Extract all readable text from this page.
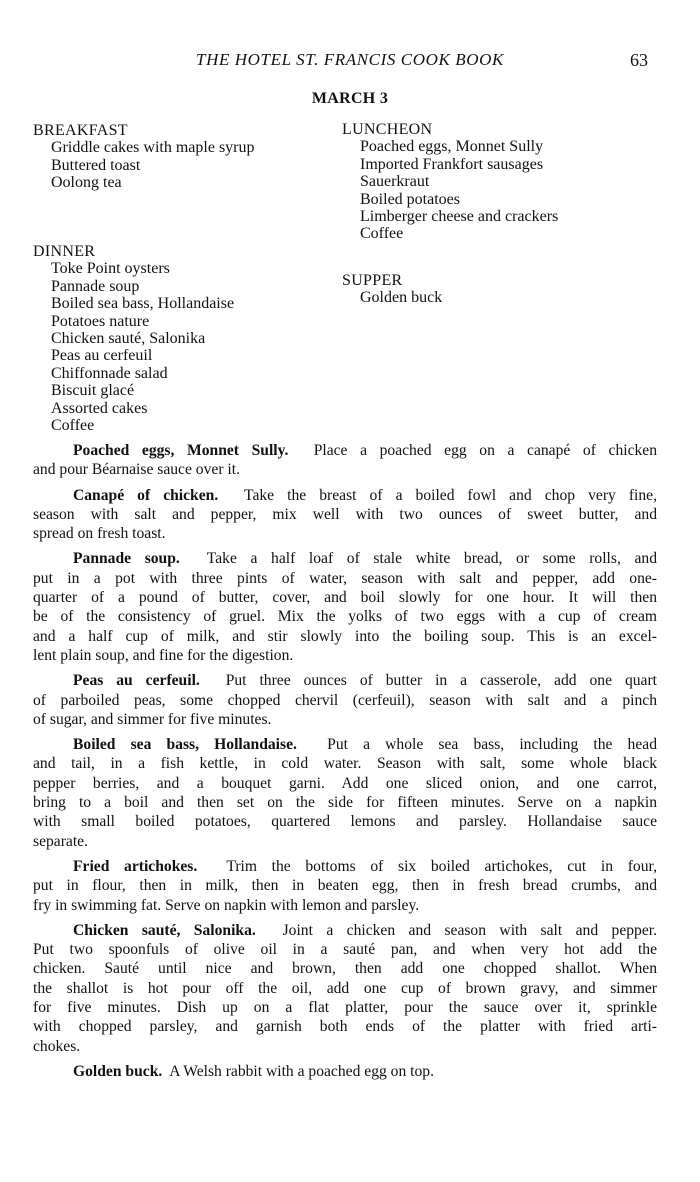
THE HOTEL ST. FRANCIS COOK BOOK	63
MARCH 3
BREAKFAST
Griddle cakes with maple syrup
Buttered toast
Oolong tea
DINNER
Toke Point oysters
Pannade soup
Boiled sea bass, Hollandaise
Potatoes nature
Chicken sauté, Salonika
Peas au cerfeuil
Chiffonnade salad
Biscuit glacé
Assorted cakes
Coffee
LUNCHEON
Poached eggs, Monnet Sully
Imported Frankfort sausages
Sauerkraut
Boiled potatoes
Limberger cheese and crackers
Coffee
SUPPER
Golden buck
Poached eggs, Monnet Sully. Place a poached egg on a canapé of chicken
and pour Béarnaise sauce over it.
Canapé of chicken. Take the breast of a boiled fowl and chop very fine,
season with salt and pepper, mix well with two ounces of sweet butter, and
spread on fresh toast.
Pannade soup. Take a half loaf of stale white bread, or some rolls, and
put in a pot with three pints of water, season with salt and pepper, add one-
quarter of a pound of butter, cover, and boil slowly for one hour. It will then
be of the consistency of gruel. Mix the yolks of two eggs with a cup of cream
and a half cup of milk, and stir slowly into the boiling soup. This is an excel-
lent plain soup, and fine for the digestion.
Peas au cerfeuil. Put three ounces of butter in a casserole, add one quart
of parboiled peas, some chopped chervil (cerfeuil), season with salt and a pinch
of sugar, and simmer for five minutes.
Boiled sea bass, Hollandaise. Put a whole sea bass, including the head
and tail, in a fish kettle, in cold water. Season with salt, some whole black
pepper berries, and a bouquet garni. Add one sliced onion, and one carrot,
bring to a boil and then set on the side for fifteen minutes. Serve on a napkin
with small boiled potatoes, quartered lemons and parsley. Hollandaise sauce
separate.
Fried artichokes. Trim the bottoms of six boiled artichokes, cut in four,
put in flour, then in milk, then in beaten egg, then in fresh bread crumbs, and
fry in swimming fat. Serve on napkin with lemon and parsley.
Chicken sauté, Salonika. Joint a chicken and season with salt and pepper.
Put two spoonfuls of olive oil in a sauté pan, and when very hot add the
chicken. Sauté until nice and brown, then add one chopped shallot. When
the shallot is hot pour off the oil, add one cup of brown gravy, and simmer
for five minutes. Dish up on a flat platter, pour the sauce over it, sprinkle
with chopped parsley, and garnish both ends of the platter with fried arti-
chokes.
Golden buck. A Welsh rabbit with a poached egg on top.
